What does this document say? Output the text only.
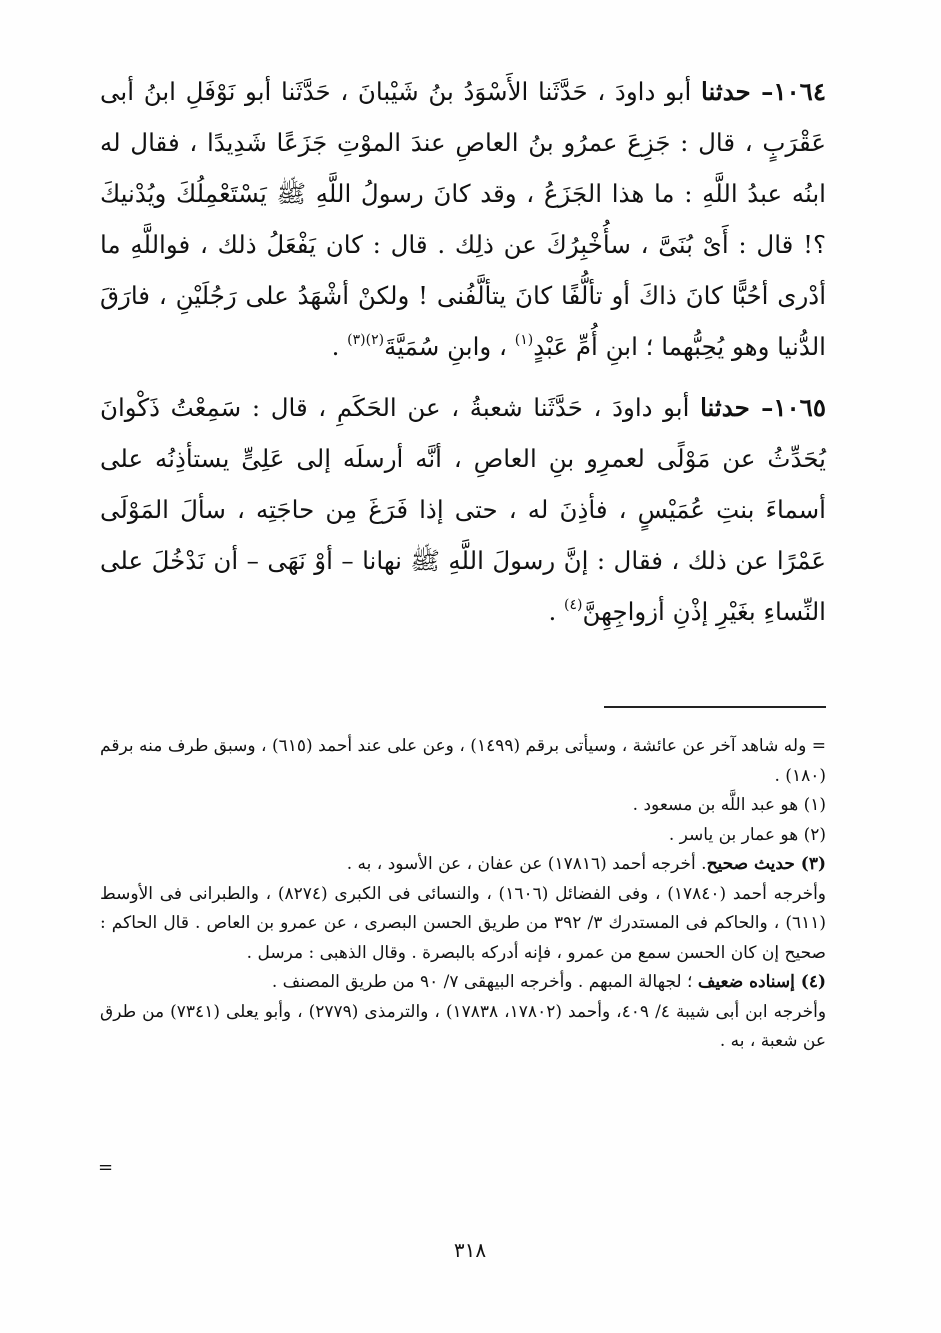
١٠٦٤– حدثنا أبو داودَ ، حَدَّثَنا الأَسْوَدُ بنُ شَيْبانَ ، حَدَّثَنا أبو نَوْفَلِ ابنُ أبى عَقْرَبٍ ، قال : جَزِعَ عمرُو بنُ العاصِ عندَ الموْتِ جَزَعًا شَدِيدًا ، فقال له ابنُه عبدُ اللَّهِ : ما هذا الجَزَعُ ، وقد كانَ رسولُ اللَّهِ ﷺ يَسْتَعْمِلُكَ ويُدْنيكَ ؟! قال : أَىْ بُنَىَّ ، سأُخْبِرُكَ عن ذلِك . قال : كان يَفْعَلُ ذلك ، فواللَّهِ ما أدْرى أحُبًّا كانَ ذاكَ أو تألُّفًا كانَ يتألَّفُنى ! ولكنْ أشْهَدُ على رَجُلَيْنِ ، فارَقَ الدُّنيا وهو يُحِبُّهما ؛ ابنِ أُمِّ عَبْدٍ$^{(١)}$ ، وابنِ سُمَيَّةَ$^{(٢)(٣)}$ .

١٠٦٥– حدثنا أبو داودَ ، حَدَّثَنا شعبةُ ، عن الحَكَمِ ، قال : سَمِعْتُ ذَكْوانَ يُحَدِّثُ عن مَوْلًى لعمرِو بنِ العاصِ ، أنَّه أرسلَه إلى عَلِىٍّ يستأذِنُه على أسماءَ بنتِ عُمَيْسٍ ، فأذِنَ له ، حتى إذا فَرَغَ مِن حاجَتِه ، سألَ المَوْلَى عَمْرًا عن ذلك ، فقال : إنَّ رسولَ اللَّهِ ﷺ نهانا – أوْ نَهَى – أن نَدْخُلَ على النِّساءِ بغَيْرِ إذْنِ أزواجِهِنَّ$^{(٤)}$ .

= وله شاهد آخر عن عائشة ، وسيأتى برقم (١٤٩٩) ، وعن على عند أحمد (٦١٥) ، وسبق طرف منه برقم (١٨٠) .

(١) هو عبد اللَّه بن مسعود .

(٢) هو عمار بن ياسر .

(٣) حديث صحيح. أخرجه أحمد (١٧٨١٦) عن عفان ، عن الأسود ، به .

وأخرجه أحمد (١٧٨٤٠) ، وفى الفضائل (١٦٠٦) ، والنسائى فى الكبرى (٨٢٧٤) ، والطبرانى فى الأوسط (٦١١) ، والحاكم فى المستدرك ٣/ ٣٩٢ من طريق الحسن البصرى ، عن عمرو بن العاص . قال الحاكم : صحيح إن كان الحسن سمع من عمرو ، فإنه أدركه بالبصرة . وقال الذهبى : مرسل .

(٤) إسناده ضعيف ؛ لجهالة المبهم . وأخرجه البيهقى ٧/ ٩٠ من طريق المصنف .

وأخرجه ابن أبى شيبة ٤/ ٤٠٩، وأحمد (١٧٨٠٢، ١٧٨٣٨) ، والترمذى (٢٧٧٩) ، وأبو يعلى (٧٣٤١) من طرق عن شعبة ، به .

=
٣١٨
